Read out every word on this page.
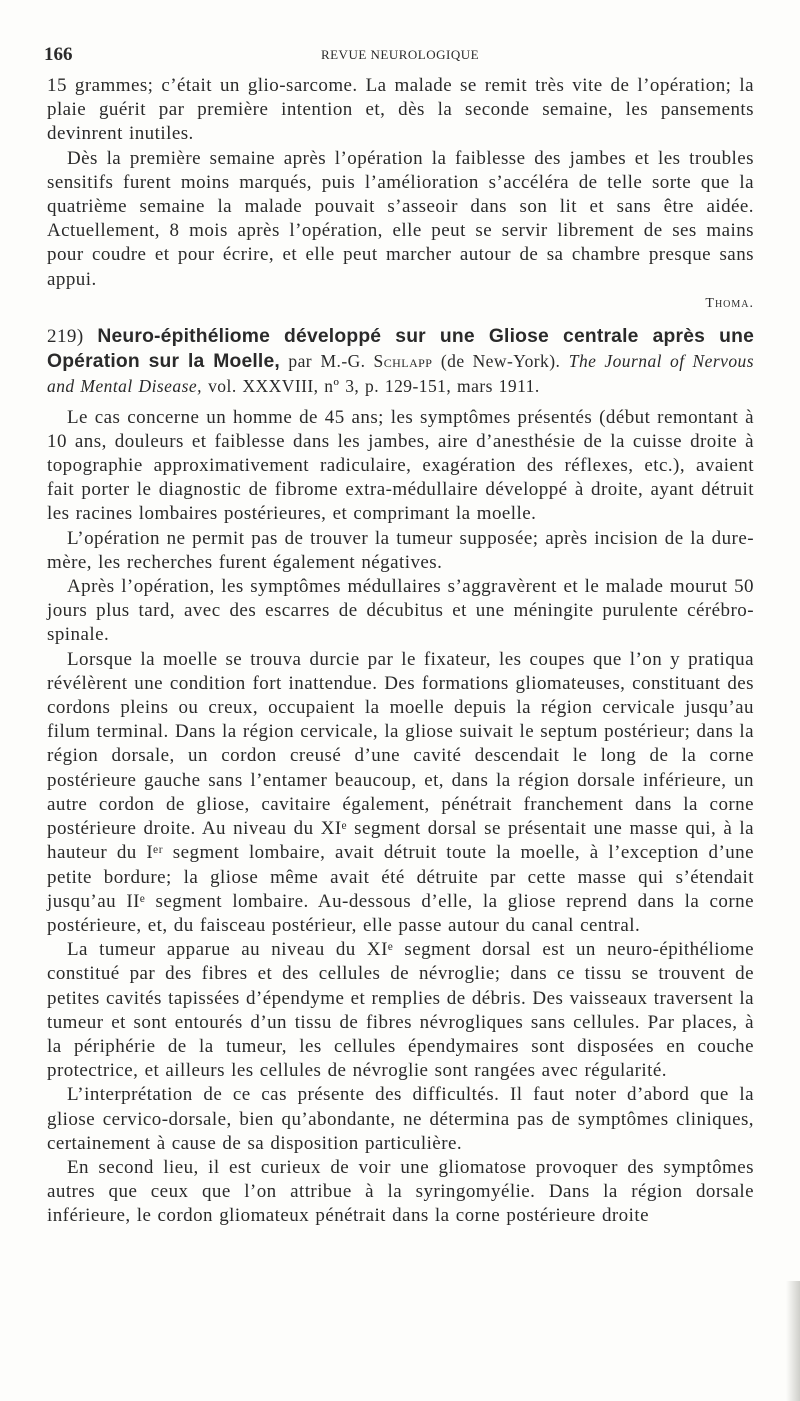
166	REVUE NEUROLOGIQUE

15 grammes; c’était un glio-sarcome. La malade se remit très vite de l’opération; la plaie guérit par première intention et, dès la seconde semaine, les pansements devinrent inutiles.

Dès la première semaine après l’opération la faiblesse des jambes et les troubles sensitifs furent moins marqués, puis l’amélioration s’accéléra de telle sorte que la quatrième semaine la malade pouvait s’asseoir dans son lit et sans être aidée. Actuellement, 8 mois après l’opération, elle peut se servir librement de ses mains pour coudre et pour écrire, et elle peut marcher autour de sa chambre presque sans appui.

Thoma.

219) Neuro-épithéliome développé sur une Gliose centrale après une Opération sur la Moelle, par M.-G. Schlapp (de New-York). The Journal of Nervous and Mental Disease, vol. XXXVIII, nº 3, p. 129-151, mars 1911.

Le cas concerne un homme de 45 ans; les symptômes présentés (début remontant à 10 ans, douleurs et faiblesse dans les jambes, aire d’anesthésie de la cuisse droite à topographie approximativement radiculaire, exagération des réflexes, etc.), avaient fait porter le diagnostic de fibrome extra-médullaire développé à droite, ayant détruit les racines lombaires postérieures, et comprimant la moelle.

L’opération ne permit pas de trouver la tumeur supposée; après incision de la dure-mère, les recherches furent également négatives.

Après l’opération, les symptômes médullaires s’aggravèrent et le malade mourut 50 jours plus tard, avec des escarres de décubitus et une méningite purulente cérébro-spinale.

Lorsque la moelle se trouva durcie par le fixateur, les coupes que l’on y pratiqua révélèrent une condition fort inattendue. Des formations gliomateuses, constituant des cordons pleins ou creux, occupaient la moelle depuis la région cervicale jusqu’au filum terminal. Dans la région cervicale, la gliose suivait le septum postérieur; dans la région dorsale, un cordon creusé d’une cavité descendait le long de la corne postérieure gauche sans l’entamer beaucoup, et, dans la région dorsale inférieure, un autre cordon de gliose, cavitaire également, pénétrait franchement dans la corne postérieure droite. Au niveau du XIᵉ segment dorsal se présentait une masse qui, à la hauteur du Iᵉʳ segment lombaire, avait détruit toute la moelle, à l’exception d’une petite bordure; la gliose même avait été détruite par cette masse qui s’étendait jusqu’au IIᵉ segment lombaire. Au-dessous d’elle, la gliose reprend dans la corne postérieure, et, du faisceau postérieur, elle passe autour du canal central.

La tumeur apparue au niveau du XIᵉ segment dorsal est un neuro-épithéliome constitué par des fibres et des cellules de névroglie; dans ce tissu se trouvent de petites cavités tapissées d’épendyme et remplies de débris. Des vaisseaux traversent la tumeur et sont entourés d’un tissu de fibres névrogliques sans cellules. Par places, à la périphérie de la tumeur, les cellules épendymaires sont disposées en couche protectrice, et ailleurs les cellules de névroglie sont rangées avec régularité.

L’interprétation de ce cas présente des difficultés. Il faut noter d’abord que la gliose cervico-dorsale, bien qu’abondante, ne détermina pas de symptômes cliniques, certainement à cause de sa disposition particulière.

En second lieu, il est curieux de voir une gliomatose provoquer des symptômes autres que ceux que l’on attribue à la syringomyélie. Dans la région dorsale inférieure, le cordon gliomateux pénétrait dans la corne postérieure droite
